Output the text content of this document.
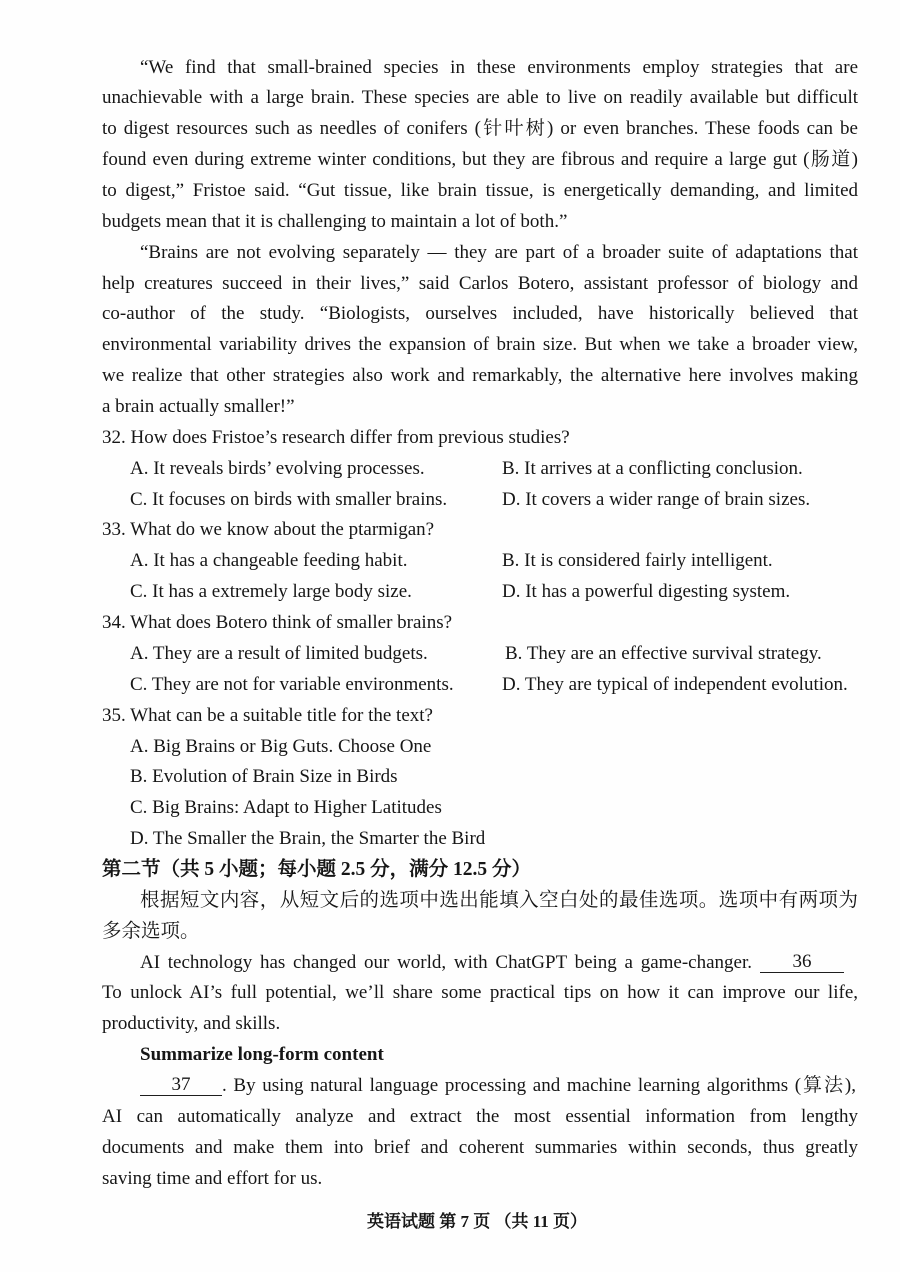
“We find that small-brained species in these environments employ strategies that are
unachievable with a large brain. These species are able to live on readily available but difficult
to digest resources such as needles of conifers (针叶树) or even branches. These foods can be
found even during extreme winter conditions, but they are fibrous and require a large gut (肠道)
to digest,” Fristoe said. “Gut tissue, like brain tissue, is energetically demanding, and limited
budgets mean that it is challenging to maintain a lot of both.”
“Brains are not evolving separately — they are part of a broader suite of adaptations that
help creatures succeed in their lives,” said Carlos Botero, assistant professor of biology and
co-author of the study. “Biologists, ourselves included, have historically believed that
environmental variability drives the expansion of brain size. But when we take a broader view,
we realize that other strategies also work and remarkably, the alternative here involves making
a brain actually smaller!”
32. How does Fristoe’s research differ from previous studies?
A. It reveals birds’ evolving processes.	B. It arrives at a conflicting conclusion.
C. It focuses on birds with smaller brains.	D. It covers a wider range of brain sizes.
33. What do we know about the ptarmigan?
A. It has a changeable feeding habit.	B. It is considered fairly intelligent.
C. It has a extremely large body size.	D. It has a powerful digesting system.
34. What does Botero think of smaller brains?
A. They are a result of limited budgets.	B. They are an effective survival strategy.
C. They are not for variable environments.	D. They are typical of independent evolution.
35. What can be a suitable title for the text?
A. Big Brains or Big Guts. Choose One
B. Evolution of Brain Size in Birds
C. Big Brains: Adapt to Higher Latitudes
D. The Smaller the Brain, the Smarter the Bird
第二节（共 5 小题；每小题 2.5 分，满分 12.5 分）
根据短文内容，从短文后的选项中选出能填入空白处的最佳选项。选项中有两项为
多余选项。
AI technology has changed our world, with ChatGPT being a game-changer. 36
To unlock AI’s full potential, we’ll share some practical tips on how it can improve our life,
productivity, and skills.
Summarize long-form content
37 . By using natural language processing and machine learning algorithms (算法),
AI can automatically analyze and extract the most essential information from lengthy
documents and make them into brief and coherent summaries within seconds, thus greatly
saving time and effort for us.
英语试题 第 7 页 （共 11 页）
